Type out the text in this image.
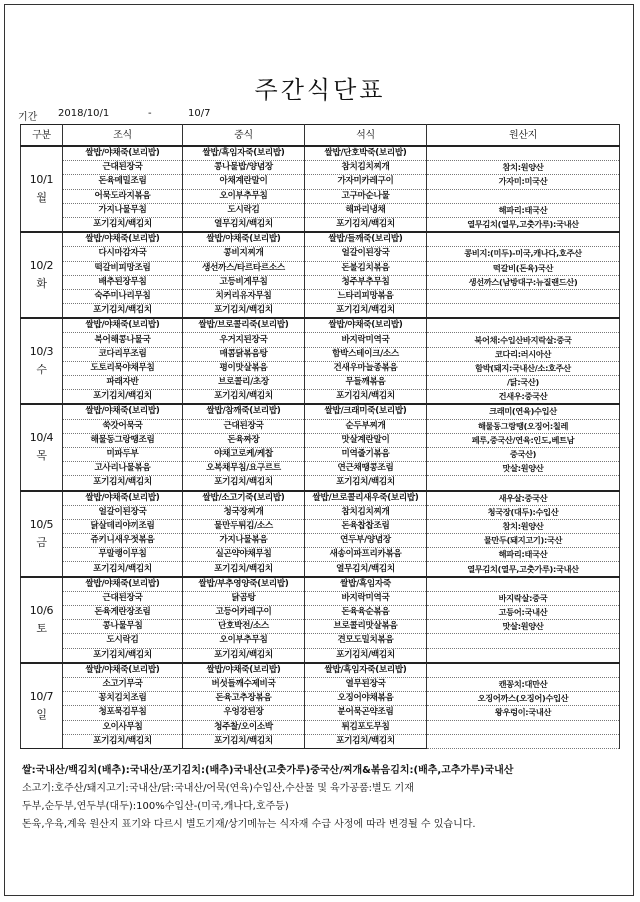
주간식단표
기간 2018/10/1	-	10/7
구분	조식	중식	석식	원산지

10/1
월	쌀밥/야채죽(보리밥)	쌀밥/흑임자죽(보리밥)	쌀밥/단호박죽(보리밥)	
	근대된장국	콩나물밥/양념장	참치김치찌개	참치:원양산
	돈육메밀조림	아채계란말이	가자미카레구이	가자미:미국산
	어묵도라지볶음	오이부추무침	고구마순나물	
	가지나물무침	도시락김	해파리냉채	해파리:태국산
	포기김치/백김치	열무김치/백김치	포기김치/백김치	열무김치(열무,고춧가루):국내산

10/2
화	쌀밥/야채죽(보리밥)	쌀밥/야채죽(보리밥)	쌀밥/들깨죽(보리밥)	
	다시마감자국	콩비지찌개	얼갈이된장국	콩비지:(미두)-미국,캐나다,호주산
	떡갈비피망조림	생선까스/타르타르소스	돈불김치볶음	떡갈비(돈육)국산
	배추된장무침	고등비게무침	청주부추무침	생선까스(남방대구:뉴질랜드산)
	숙주미나리무침	치커리유자무침	느타리피망볶음	
	포기김치/백김치	포기김치/백김치	포기김치/백김치	

10/3
수	쌀밥/야채죽(보리밥)	쌀밥/브로콜리죽(보리밥)	쌀밥/야채죽(보리밥)	
	북어해콩나물국	우거지된장국	바지락미역국	북어채:수입산바지락살:중국
	코다리무조림	매콤닭볶음탕	함박스테이크/소스	코다리:러시아산
	도토리묵야채무침	평이맛살볶음	건새우마늘종볶음	함박(돼지:국내산/소:호주산
	파래자반	브로콜리/초장	무들깨볶음	/닭:국산)
	포기김치/백김치	포기김치/백김치	포기김치/백김치	건새우:중국산

10/4
목	쌀밥/야채죽(보리밥)	쌀밥/참깨죽(보리밥)	쌀밥/크래미죽(보리밥)	크래미(연육)수입산
	쑥갓어묵국	근대된장국	순두부찌개	해물동그랑땡(오징어:칠레
	해물동그랑땡조림	돈육짜장	맛살계란말이	페루,중국산/연육:인도,베트남
	미파두부	야채고로케/케찹	미역줄기볶음	중국산)
	고사리나물볶음	오복채무침/요구르트	연근채땡콩조림	맛살:원양산
	포기김치/백김치	포기김치/백김치	포기김치/백김치	

10/5
금	쌀밥/야채죽(보리밥)	쌀밥/소고기죽(보리밥)	쌀밥/브로콜리새우죽(보리밥)	새우살:중국산
	얼갈이된장국	청국장찌개	참치김치찌개	청국장(대두):수입산
	닭살데리야끼조림	물만두튀김/소스	돈육찹찹조림	참치:원양산
	쥬키니새우젓볶음	가지나물볶음	연두부/양념장	물만두(돼지고기):국산
	무말랭이무침	실곤약야채무침	새송이파프리카볶음	해파리:태국산
	포기김치/백김치	포기김치/백김치	열무김치/백김치	열무김치(열무,고춧가루):국내산

10/6
토	쌀밥/야채죽(보리밥)	쌀밥/부추영양죽(보리밥)	쌀밥/흑임자죽	
	근대된장국	닭곰탕	바지락미역국	바지락살:중국
	돈육게란장조림	고등어카레구이	돈육육순볶음	고등어:국내산
	콩나물무침	단호박전/소스	브로콜리맛살볶음	맛살:원양산
	도시락김	오이부추무침	견모도밀치볶음	
	포기김치/백김치	포기김치/백김치	포기김치/백김치	

10/7
일	쌀밥/야채죽(보리밥)	쌀밥/야채죽(보리밥)	쌀밥/흑임자죽(보리밥)	
	소고기무국	버섯들깨수제비국	열무된장국	캔꽁치:대만산
	꽁치김치조림	돈육고추장볶음	오징어야채볶음	오징어까스(오징어)수입산
	청포묵김무침	우엉강된장	분어묵곤약조림	왕우렁이:국내산
	오이사무침	청주찰/오이소박	튀김포도무침	
	포기김치/백김치	포기김치/백김치	포기김치/백김치	
쌀:국내산/백김치(배추):국내산/포기김치:(배추)국내산(고춧가루)중국산/찌개&볶음김치:(배추,고추가루)국내산
소고기:호주산/돼지고기:국내산/닭:국내산/어묵(연육)수입산,수산물 및 육가공품:별도 기재
두부,순두부,연두부(대두):100%수입산-(미국,캐나다,호주등)
돈육,우육,계육 원산지 표기와 다르시 별도기재/상기메뉴는 식자재 수급 사정에 따라 변경될 수 있습니다.
